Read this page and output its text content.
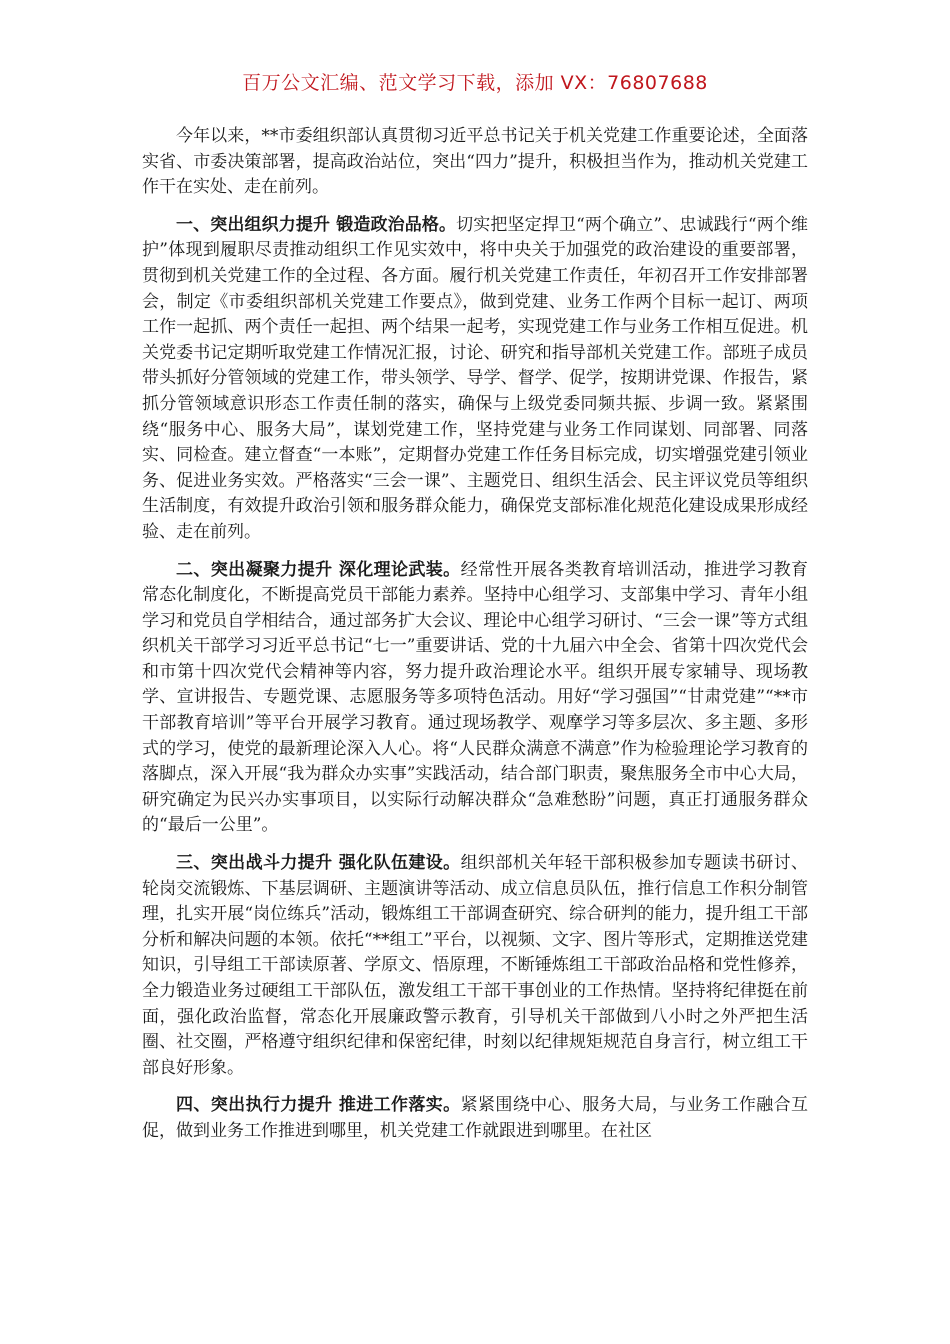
百万公文汇编、范文学习下载，添加 VX：76807688

今年以来，**市委组织部认真贯彻习近平总书记关于机关党建工作重要论述，全面落实省、市委决策部署，提高政治站位，突出“四力”提升，积极担当作为，推动机关党建工作干在实处、走在前列。

一、突出组织力提升 锻造政治品格。切实把坚定捍卫“两个确立”、忠诚践行“两个维护”体现到履职尽责推动组织工作见实效中，将中央关于加强党的政治建设的重要部署，贯彻到机关党建工作的全过程、各方面。履行机关党建工作责任，年初召开工作安排部署会，制定《市委组织部机关党建工作要点》，做到党建、业务工作两个目标一起订、两项工作一起抓、两个责任一起担、两个结果一起考，实现党建工作与业务工作相互促进。机关党委书记定期听取党建工作情况汇报，讨论、研究和指导部机关党建工作。部班子成员带头抓好分管领域的党建工作，带头领学、导学、督学、促学，按期讲党课、作报告，紧抓分管领域意识形态工作责任制的落实，确保与上级党委同频共振、步调一致。紧紧围绕“服务中心、服务大局”，谋划党建工作，坚持党建与业务工作同谋划、同部署、同落实、同检查。建立督查“一本账”，定期督办党建工作任务目标完成，切实增强党建引领业务、促进业务实效。严格落实“三会一课”、主题党日、组织生活会、民主评议党员等组织生活制度，有效提升政治引领和服务群众能力，确保党支部标准化规范化建设成果形成经验、走在前列。

二、突出凝聚力提升 深化理论武装。经常性开展各类教育培训活动，推进学习教育常态化制度化，不断提高党员干部能力素养。坚持中心组学习、支部集中学习、青年小组学习和党员自学相结合，通过部务扩大会议、理论中心组学习研讨、“三会一课”等方式组织机关干部学习习近平总书记“七一”重要讲话、党的十九届六中全会、省第十四次党代会和市第十四次党代会精神等内容，努力提升政治理论水平。组织开展专家辅导、现场教学、宣讲报告、专题党课、志愿服务等多项特色活动。用好“学习强国”“甘肃党建”“**市干部教育培训”等平台开展学习教育。通过现场教学、观摩学习等多层次、多主题、多形式的学习，使党的最新理论深入人心。将“人民群众满意不满意”作为检验理论学习教育的落脚点，深入开展“我为群众办实事”实践活动，结合部门职责，聚焦服务全市中心大局，研究确定为民兴办实事项目，以实际行动解决群众“急难愁盼”问题，真正打通服务群众的“最后一公里”。

三、突出战斗力提升 强化队伍建设。组织部机关年轻干部积极参加专题读书研讨、轮岗交流锻炼、下基层调研、主题演讲等活动、成立信息员队伍，推行信息工作积分制管理，扎实开展“岗位练兵”活动，锻炼组工干部调查研究、综合研判的能力，提升组工干部分析和解决问题的本领。依托“**组工”平台，以视频、文字、图片等形式，定期推送党建知识，引导组工干部读原著、学原文、悟原理，不断锤炼组工干部政治品格和党性修养，全力锻造业务过硬组工干部队伍，激发组工干部干事创业的工作热情。坚持将纪律挺在前面，强化政治监督，常态化开展廉政警示教育，引导机关干部做到八小时之外严把生活圈、社交圈，严格遵守组织纪律和保密纪律，时刻以纪律规矩规范自身言行，树立组工干部良好形象。

四、突出执行力提升 推进工作落实。紧紧围绕中心、服务大局，与业务工作融合互促，做到业务工作推进到哪里，机关党建工作就跟进到哪里。在社区
